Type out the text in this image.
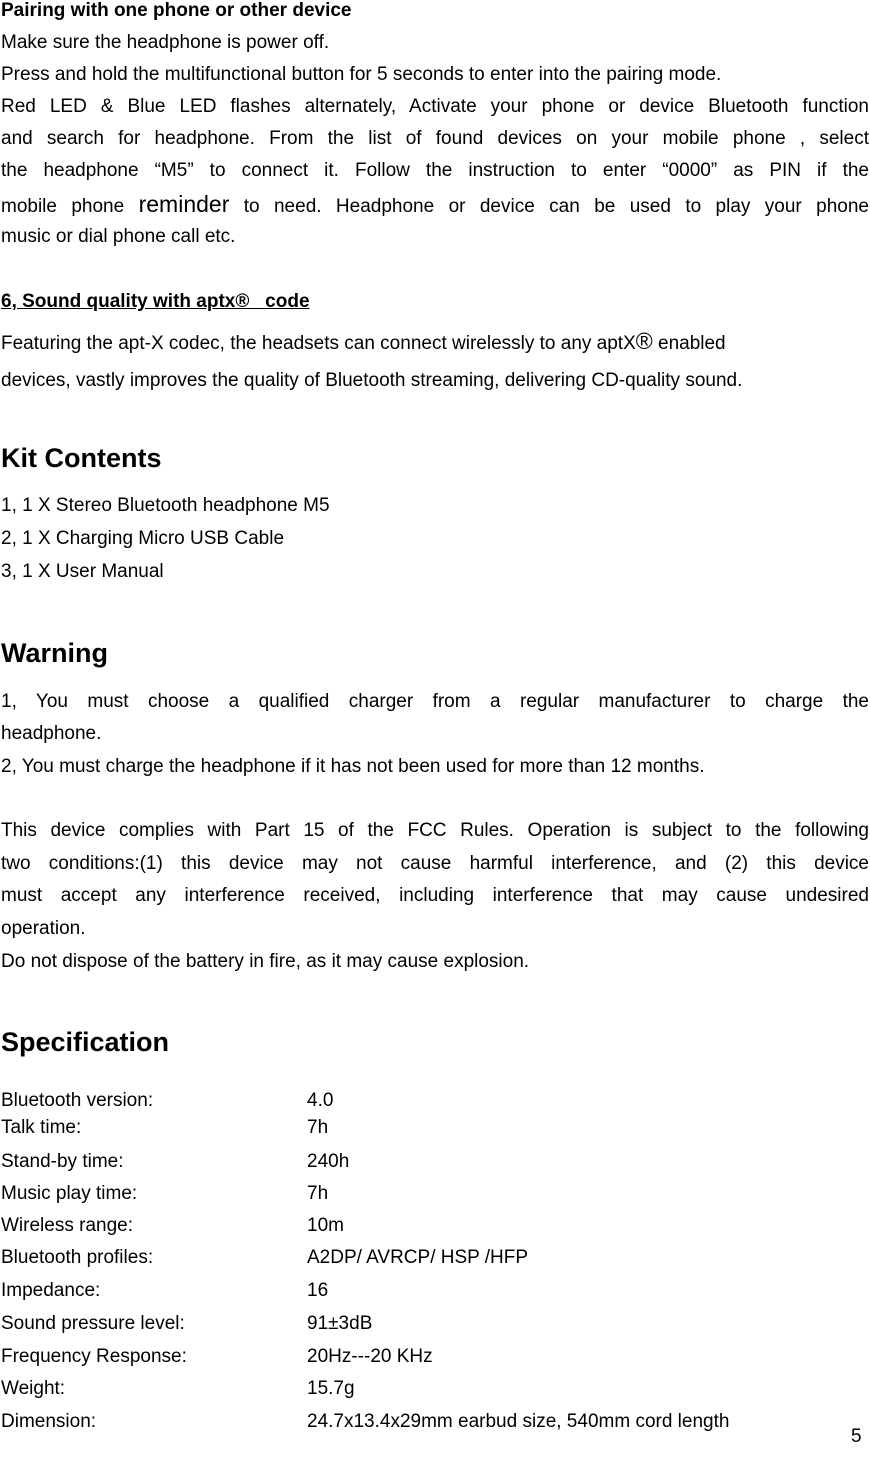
Pairing with one phone or other device
Make sure the headphone is power off.
Press and hold the multifunctional button for 5 seconds to enter into the pairing mode.
Red LED & Blue LED flashes alternately, Activate your phone or device Bluetooth function
and search for headphone. From the list of found devices on your mobile phone , select
the headphone “M5” to connect it. Follow the instruction to enter “0000” as PIN if the
mobile phone reminder to need. Headphone or device can be used to play your phone
music or dial phone call etc.
6, Sound quality with aptx®   code
Featuring the apt-X codec, the headsets can connect wirelessly to any aptX® enabled
devices, vastly improves the quality of Bluetooth streaming, delivering CD-quality sound.
Kit Contents
1, 1 X Stereo Bluetooth headphone M5
2, 1 X Charging Micro USB Cable
3, 1 X User Manual
Warning
1, You must choose a qualified charger from a regular manufacturer to charge the
headphone.
2, You must charge the headphone if it has not been used for more than 12 months.
This device complies with Part 15 of the FCC Rules. Operation is subject to the following
two conditions:(1) this device may not cause harmful interference, and (2) this device
must accept any interference received, including interference that may cause undesired
operation.
Do not dispose of the battery in fire, as it may cause explosion.
Specification
Bluetooth version:	4.0
Talk time:	7h
Stand-by time:	240h
Music play time:	7h
Wireless range:	10m
Bluetooth profiles:	A2DP/ AVRCP/ HSP /HFP
Impedance:	16
Sound pressure level:	91±3dB
Frequency Response:	20Hz---20 KHz
Weight:	15.7g
Dimension:	24.7x13.4x29mm earbud size, 540mm cord length
5
